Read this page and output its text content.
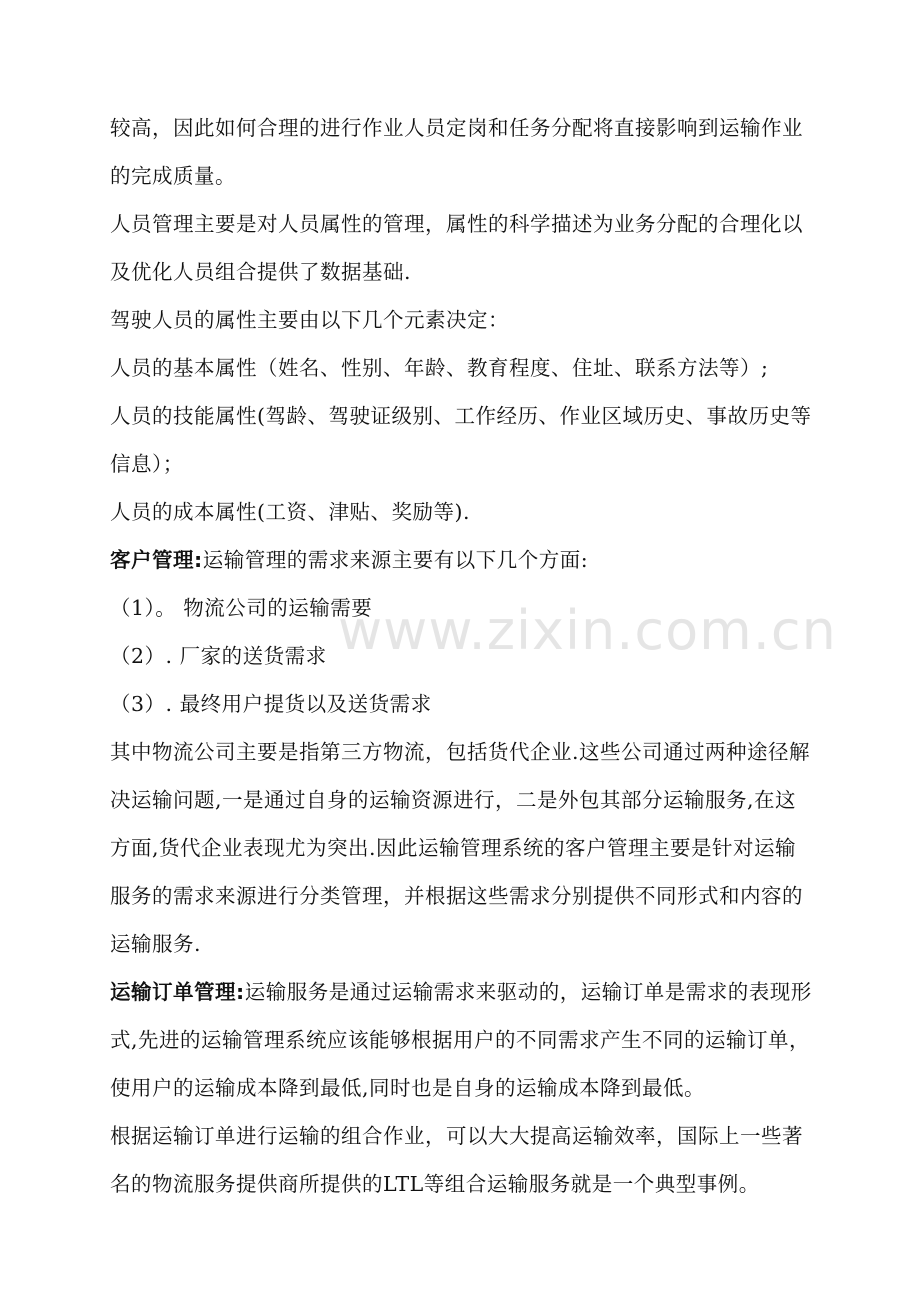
较高，因此如何合理的进行作业人员定岗和任务分配将直接影响到运输作业的完成质量。

人员管理主要是对人员属性的管理，属性的科学描述为业务分配的合理化以及优化人员组合提供了数据基础.

驾驶人员的属性主要由以下几个元素决定：

人员的基本属性（姓名、性别、年龄、教育程度、住址、联系方法等）;

人员的技能属性(驾龄、驾驶证级别、工作经历、作业区域历史、事故历史等信息）；

人员的成本属性(工资、津贴、奖励等).

客户管理:运输管理的需求来源主要有以下几个方面:

（1）。 物流公司的运输需要

（2）. 厂家的送货需求

（3）. 最终用户提货以及送货需求

其中物流公司主要是指第三方物流，包括货代企业.这些公司通过两种途径解决运输问题,一是通过自身的运输资源进行，二是外包其部分运输服务,在这方面,货代企业表现尤为突出.因此运输管理系统的客户管理主要是针对运输服务的需求来源进行分类管理，并根据这些需求分别提供不同形式和内容的运输服务.

运输订单管理:运输服务是通过运输需求来驱动的，运输订单是需求的表现形式,先进的运输管理系统应该能够根据用户的不同需求产生不同的运输订单，使用户的运输成本降到最低,同时也是自身的运输成本降到最低。

根据运输订单进行运输的组合作业，可以大大提高运输效率，国际上一些著名的物流服务提供商所提供的LTL等组合运输服务就是一个典型事例。

www.zixin.com.cn
